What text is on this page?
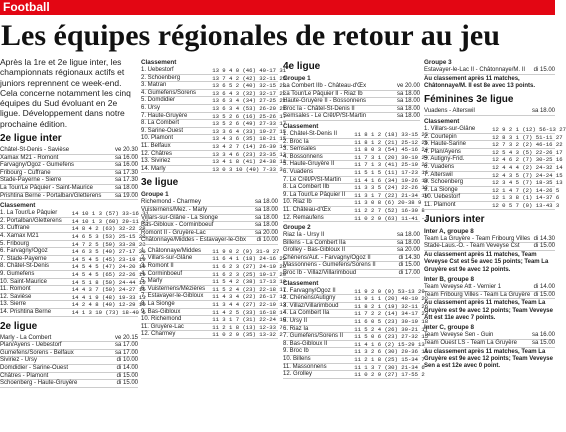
Football
Les équipes régionales de retour au jeu
Après la 1re et 2e ligue inter, les championnats régionaux actifs et juniors reprennent ce week-end. Cela concerne notamment les cinq équipes du Sud évoluant en 2e ligue. Développement dans notre prochaine édition.
2e ligue inter
Châtel-St-Denis - Savièse	ve 20.30
Xamax M21 - Romont	sa 16.00
Farvagny/Ogoz - Gumefens	sa 16.00
Fribourg - Cuffrane	sa 17.30
Stade-Payerne - Sierre	sa 17.30
La Tour/Le Pâquier - Saint-Maurice	sa 18.00
Prishtina Berne - Portalban/Gletterens	sa 19.00
Classement
1. La Tour/Le Pâquier	14 10 1 3 (57) 33-16 31
2. Portalban/Gletterens	14 10 1 3 (60) 29-11 31
3. Cuffrane	14 8 4 2 (63) 32-22 28
4. Xamax M21	14 6 5 3 (53) 25-15 23
5. Fribourg	14 7 2 5 (59) 33-28 23
6. Farvagny/Ogoz	14 6 3 5 (40) 27-17 21
7. Stade-Payerne	14 5 4 5 (45) 23-19 19
8. Châtel-St-Denis	14 5 4 5 (47) 24-20 19
9. Gumefens	14 5 4 5 (65) 22-26 19
10. Saint-Maurice	14 5 1 8 (50) 24-44 16
11. Romont	14 4 3 7 (50) 24-27 15
12. Savièse	14 4 1 9 (48) 19-33 13
13. Sierre	14 2 4 8 (40) 12-29 10
14. Prishtina Berne	14 1 3 10 (73) 18-40 6
2e ligue
Marly - La Combert	ve 20.15
Plan/Ayens - Uebestorf	sa 17.00
Gumefens/Sorens - Belfaux	sa 17.00
Siviriez - Ursy	di 10.00
Domdidier - Sarine-Ouest	di 14.00
Châtres - Plamont	di 15.00
Schoenberg - Haute-Gruyère	di 15.00
Classement
1. Uebestorf	13 9 4 0 (46) 40-17 31
2. Schoenberg	13 7 4 2 (42) 32-11 25
3. Matran	13 6 5 2 (40) 32-15 23
4. Gumefens/Sorens	13 6 4 3 (32) 32-17 22
5. Domdidier	13 6 3 4 (34) 27-25 21
6. Ursy	13 6 3 4 (53) 26-20 21
7. Haute-Gruyère	13 5 2 6 (16) 25-26 17
8. La Combert	13 5 2 6 (49) 27-33 17
9. Sarine-Ouest	13 3 6 4 (33) 19-27 15
10. Plamont	13 4 3 6 (35) 18-21 15
11. Belfaux	13 4 2 7 (14) 26-39 14
12. Châtres	13 3 4 6 (23) 23-35 13
13. Siviriez	13 4 1 8 (41) 24-38 13
14. Marly	13 0 3 10 (49) 7-33 3
3e ligue
Groupe 1
Richemond - Charmey	sa 18.00
Vuisternens/Mez. - Marly	sa 18.00
Villars-sur-Glâne - La Sionge	sa 18.00
Bas-Gibloux - Corminboeuf	sa 18.00
Romont II - Gruyère-Lac	sa 20.00
Châtonnaye/Middes - Estavayer-le-Gbx	di 10.00
1. Châtonnaye/Middes	11 9 0 2 (9) 31-9 27
2. Villars-sur-Glâne	11 6 4 1 (18) 24-16 22
3. Romont II	11 6 2 3 (27) 24-19 20
4. Corminboeuf	11 6 2 3 (25) 19-17 20
5. Marly	11 5 4 2 (38) 17-13 19
6. Vuisternens/Mézières	11 5 2 4 (23) 22-18 17
7. Estavayer-le-Gibloux	11 4 3 4 (22) 26-17 15
8. La Sionge	11 3 4 4 (27) 22-19 13
9. Bas-Gibloux	11 4 2 5 (33) 16-18 14
10. Richemond	11 3 1 7 (31) 22-24 10
11. Gruyère-Lac	11 2 1 8 (13) 12-33 7
12. Charmey	11 0 2 9 (35) 13-32 2
4e ligue
Groupe 1
La Combert IIb - Château-d'Œx	ve 20.00
La Tour/Le Pâquier II - Riaz Ib	sa 18.00
Haute-Gruyère II - Bossonnens	sa 18.00
Broc Ia - Châtel-St-Denis II	sa 18.00
Semsales - Le Crêt/P/St-Martin	sa 18.00
Classement
1. Châtel-St-Denis II	11 8 1 2 (18) 33-15 25
2. Broc Ia	11 8 1 2 (21) 25-12 25
3. Semsales	11 8 0 3 (54) 45-16 24
4. Bossonnens	11 7 3 1 (20) 39-10 24
5. Haute-Gruyère II	11 7 1 3 (41) 25-19 22
6. Vuadens	11 5 1 5 (11) 17-23 16
7. Le Crêt/P/St-Martin	11 4 1 6 (34) 19-26 13
8. La Combert IIb	11 3 3 5 (24) 22-26 12
9. La Tour/Le Pâquier II	11 3 1 7 (22) 21-34 10
10. Riaz Ib	11 3 0 8 (6) 20-38 9
11. Château-d'Œx	11 2 2 7 (52) 16-30 8
12. Remaufens	11 0 2 9 (63) 11-41 -1
Groupe 2
Riaz Ia - Ursy II	sa 18.00
Billens - La Combert IIa	sa 18.00
Grolley - Bas-Gibloux II	sa 20.00
Chénens/Aut. - Farvagny/Ogoz II	di 14.30
Massonnens - Gumefens/Sorens II	di 15.00
Broc Ib - Villaz/Villarimboud	di 17.00
Classement
1. Farvagny/Ogoz II	11 9 2 0 (9) 53-13 29
2. Chénens/Autigny	11 9 1 1 (20) 48-10 28
3. Villaz/Villarimboud	11 8 2 1 (19) 32-11 26
4. La Combert IIa	11 7 2 2 (14) 34-17 23
5. Ursy II	11 6 0 5 (23) 30-19 18
6. Riaz Ia	11 5 2 4 (26) 30-21 17
7. Gumefens/Sorens II	11 5 0 6 (23) 27-32 15
8. Bas-Gibloux II	11 4 1 6 (2) 15-29 13
9. Broc Ib	11 3 2 6 (30) 20-36 11
10. Billens	11 2 1 8 (25) 15-34 7
11. Massonnens	11 1 3 7 (30) 21-34 6
12. Grolley	11 0 2 9 (27) 17-55 2
Groupe 3
Estavayer-le-Lac II - Châtonnaye/M. II	di 15.00
Au classement après 11 matches, Châtonnaye/M. II est 8e avec 13 points.
Féminines 3e ligue
Vuadens - Alterswil	sa 18.00
Classement
1. Villars-sur-Glâne	12 9 2 1 (12) 56-13 27
2. Courtepin	12 8 3 1 (7) 51-11 27
3. Haute-Sarine	12 7 3 2 (2) 46-16 22
4. Plan/Ayens	12 5 4 3 (5) 22-26 17
5. Autigny-Frid.	12 4 6 2 (7) 30-25 16
6. Vuadens	12 4 4 4 (2) 24-32 14
7. Alterswil	12 4 3 5 (7) 24-24 15
8. Schoenberg	12 3 4 5 (7) 18-35 13
9. La Sionge	12 1 4 7 (2) 14-26 5
10. Uebestorf	12 1 3 8 (1) 14-37 6
11. Plamont	12 0 5 7 (0) 13-43 3
Juniors inter
Inter A, groupe 8
Team La Gruyère - Team Fribourg Villes di 14.30
Stade-Laus.-O. - Team Veveyse Cst	di 15.00
Au classement après 11 matches, Team Veveyse Cst est 5e avec 15 points; Team La Gruyère est 9e avec 12 points.
Inter B, groupe 8
Team Veveyse Att - Vernier 1	di 14.00
Team Fribourg Villes - Team La Gruyère di 15.00
Au classement après 11 matches, Team La Gruyère est 9e avec 12 points; Team Veveyse Att est 11e avec 7 points.
Inter C, groupe 8
Team Veveyse Sen - Guin	sa 16.00
Team Ouest LS - Team La Gruyère	sa 15.00
Au classement après 11 matches, Team La Gruyère est 9e avec 12 points; Team Veveyse Sen a est 12e avec 0 point.
